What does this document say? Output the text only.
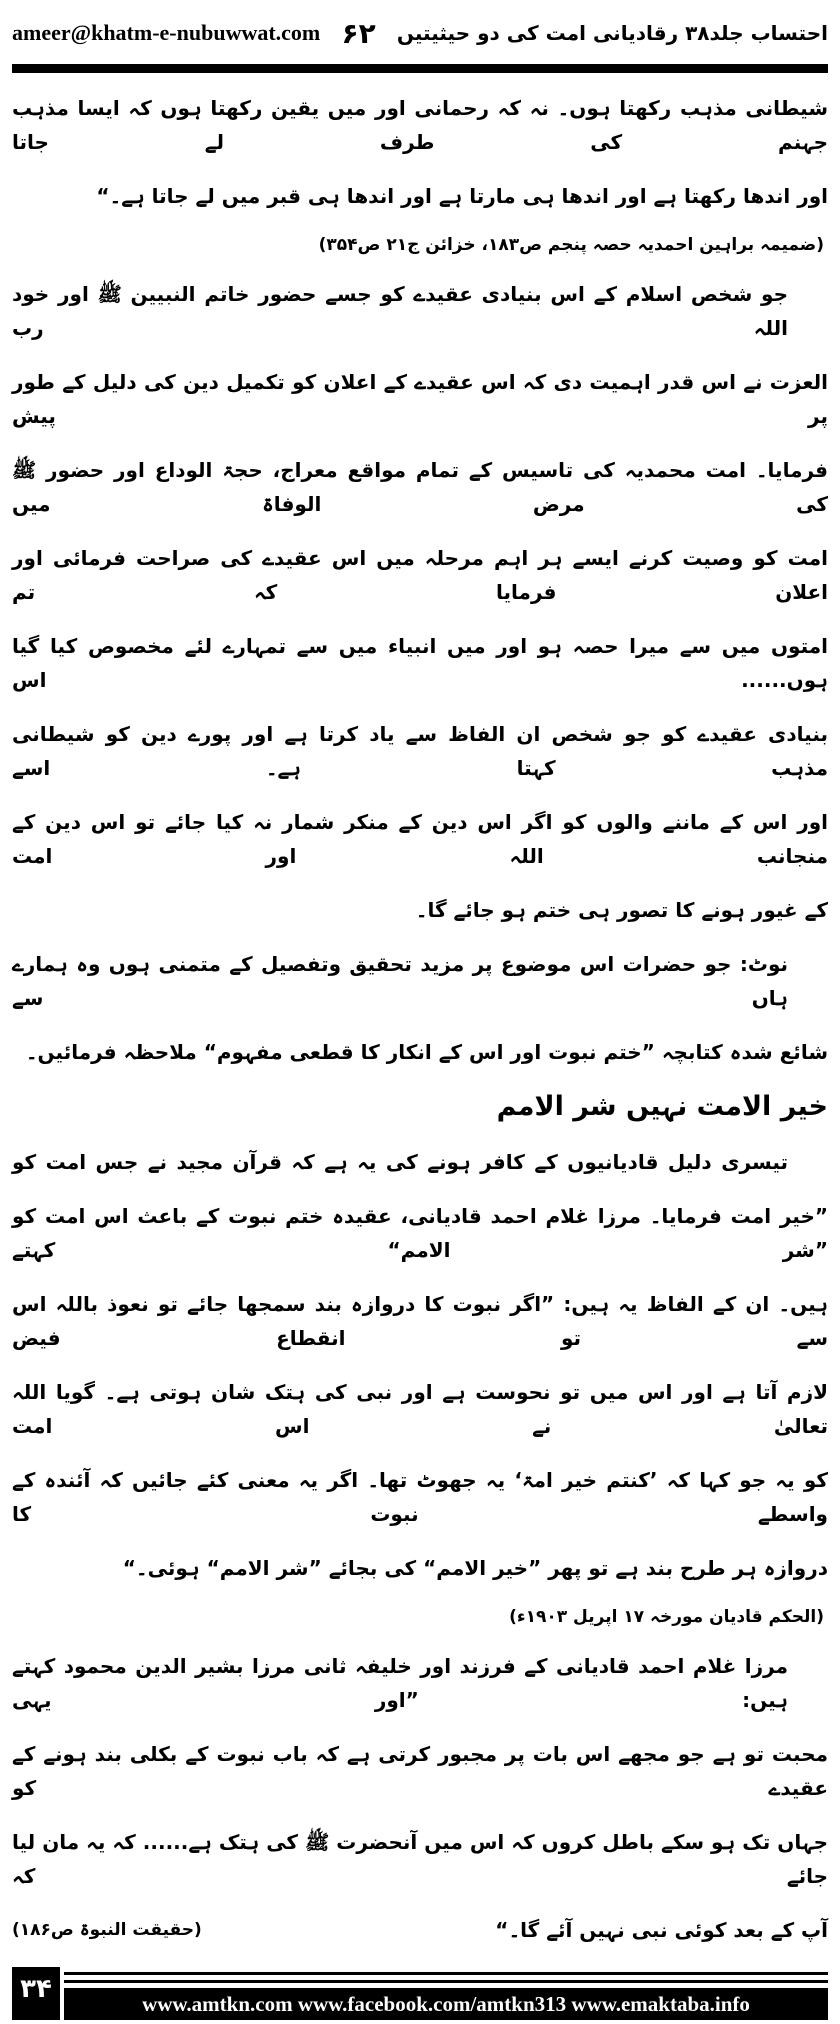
ameer@khatm-e-nubuwwat.com ۶۲ احتساب جلد۳۸ رقادیانی امت کی دو حیثیتیں
شیطانی مذہب رکھتا ہوں۔ نہ کہ رحمانی اور میں یقین رکھتا ہوں کہ ایسا مذہب جہنم کی طرف لے جاتا
اور اندھا رکھتا ہے اور اندھا ہی مارتا ہے اور اندھا ہی قبر میں لے جاتا ہے۔“
(ضمیمہ براہین احمدیہ حصہ پنجم ص۱۸۳، خزائن ج۲۱ ص۳۵۴)
جو شخص اسلام کے اس بنیادی عقیدے کو جسے حضور خاتم النبیین ﷺ اور خود اللہ رب
العزت نے اس قدر اہمیت دی کہ اس عقیدے کے اعلان کو تکمیل دین کی دلیل کے طور پر پیش
فرمایا۔ امت محمدیہ کی تاسیس کے تمام مواقع معراج، حجۃ الوداع اور حضور ﷺ کی مرض الوفاۃ میں
امت کو وصیت کرنے ایسے ہر اہم مرحلہ میں اس عقیدے کی صراحت فرمائی اور اعلان فرمایا کہ تم
امتوں میں سے میرا حصہ ہو اور میں انبیاء میں سے تمہارے لئے مخصوص کیا گیا ہوں...... اس
بنیادی عقیدے کو جو شخص ان الفاظ سے یاد کرتا ہے اور پورے دین کو شیطانی مذہب کہتا ہے۔ اسے
اور اس کے ماننے والوں کو اگر اس دین کے منکر شمار نہ کیا جائے تو اس دین کے منجانب اللہ اور امت
کے غیور ہونے کا تصور ہی ختم ہو جائے گا۔
نوٹ: جو حضرات اس موضوع پر مزید تحقیق وتفصیل کے متمنی ہوں وہ ہمارے ہاں سے
شائع شدہ کتابچہ ”ختم نبوت اور اس کے انکار کا قطعی مفہوم“ ملاحظہ فرمائیں۔
خیر الامت نہیں شر الامم
تیسری دلیل قادیانیوں کے کافر ہونے کی یہ ہے کہ قرآن مجید نے جس امت کو
”خیر امت فرمایا۔ مرزا غلام احمد قادیانی، عقیدہ ختم نبوت کے باعث اس امت کو ”شر الامم“ کہتے
ہیں۔ ان کے الفاظ یہ ہیں: ”اگر نبوت کا دروازہ بند سمجھا جائے تو نعوذ باللہ اس سے تو انقطاع فیض
لازم آتا ہے اور اس میں تو نحوست ہے اور نبی کی ہتک شان ہوتی ہے۔ گویا اللہ تعالیٰ نے اس امت
کو یہ جو کہا کہ ’کنتم خیر امۃ‘ یہ جھوٹ تھا۔ اگر یہ معنی کئے جائیں کہ آئندہ کے واسطے نبوت کا
دروازہ ہر طرح بند ہے تو پھر ”خیر الامم“ کی بجائے ”شر الامم“ ہوئی۔“
(الحکم قادیان مورخہ ۱۷ اپریل ۱۹۰۳ء)
مرزا غلام احمد قادیانی کے فرزند اور خلیفہ ثانی مرزا بشیر الدین محمود کہتے ہیں: ”اور یہی
محبت تو ہے جو مجھے اس بات پر مجبور کرتی ہے کہ باب نبوت کے بکلی بند ہونے کے عقیدے کو
جہاں تک ہو سکے باطل کروں کہ اس میں آنحضرت ﷺ کی ہتک ہے...... کہ یہ مان لیا جائے کہ
آپ کے بعد کوئی نبی نہیں آئے گا۔“
(حقیقت النبوۃ ص۱۸۶)
۳۴	www.amtkn.com www.facebook.com/amtkn313 www.emaktaba.info
